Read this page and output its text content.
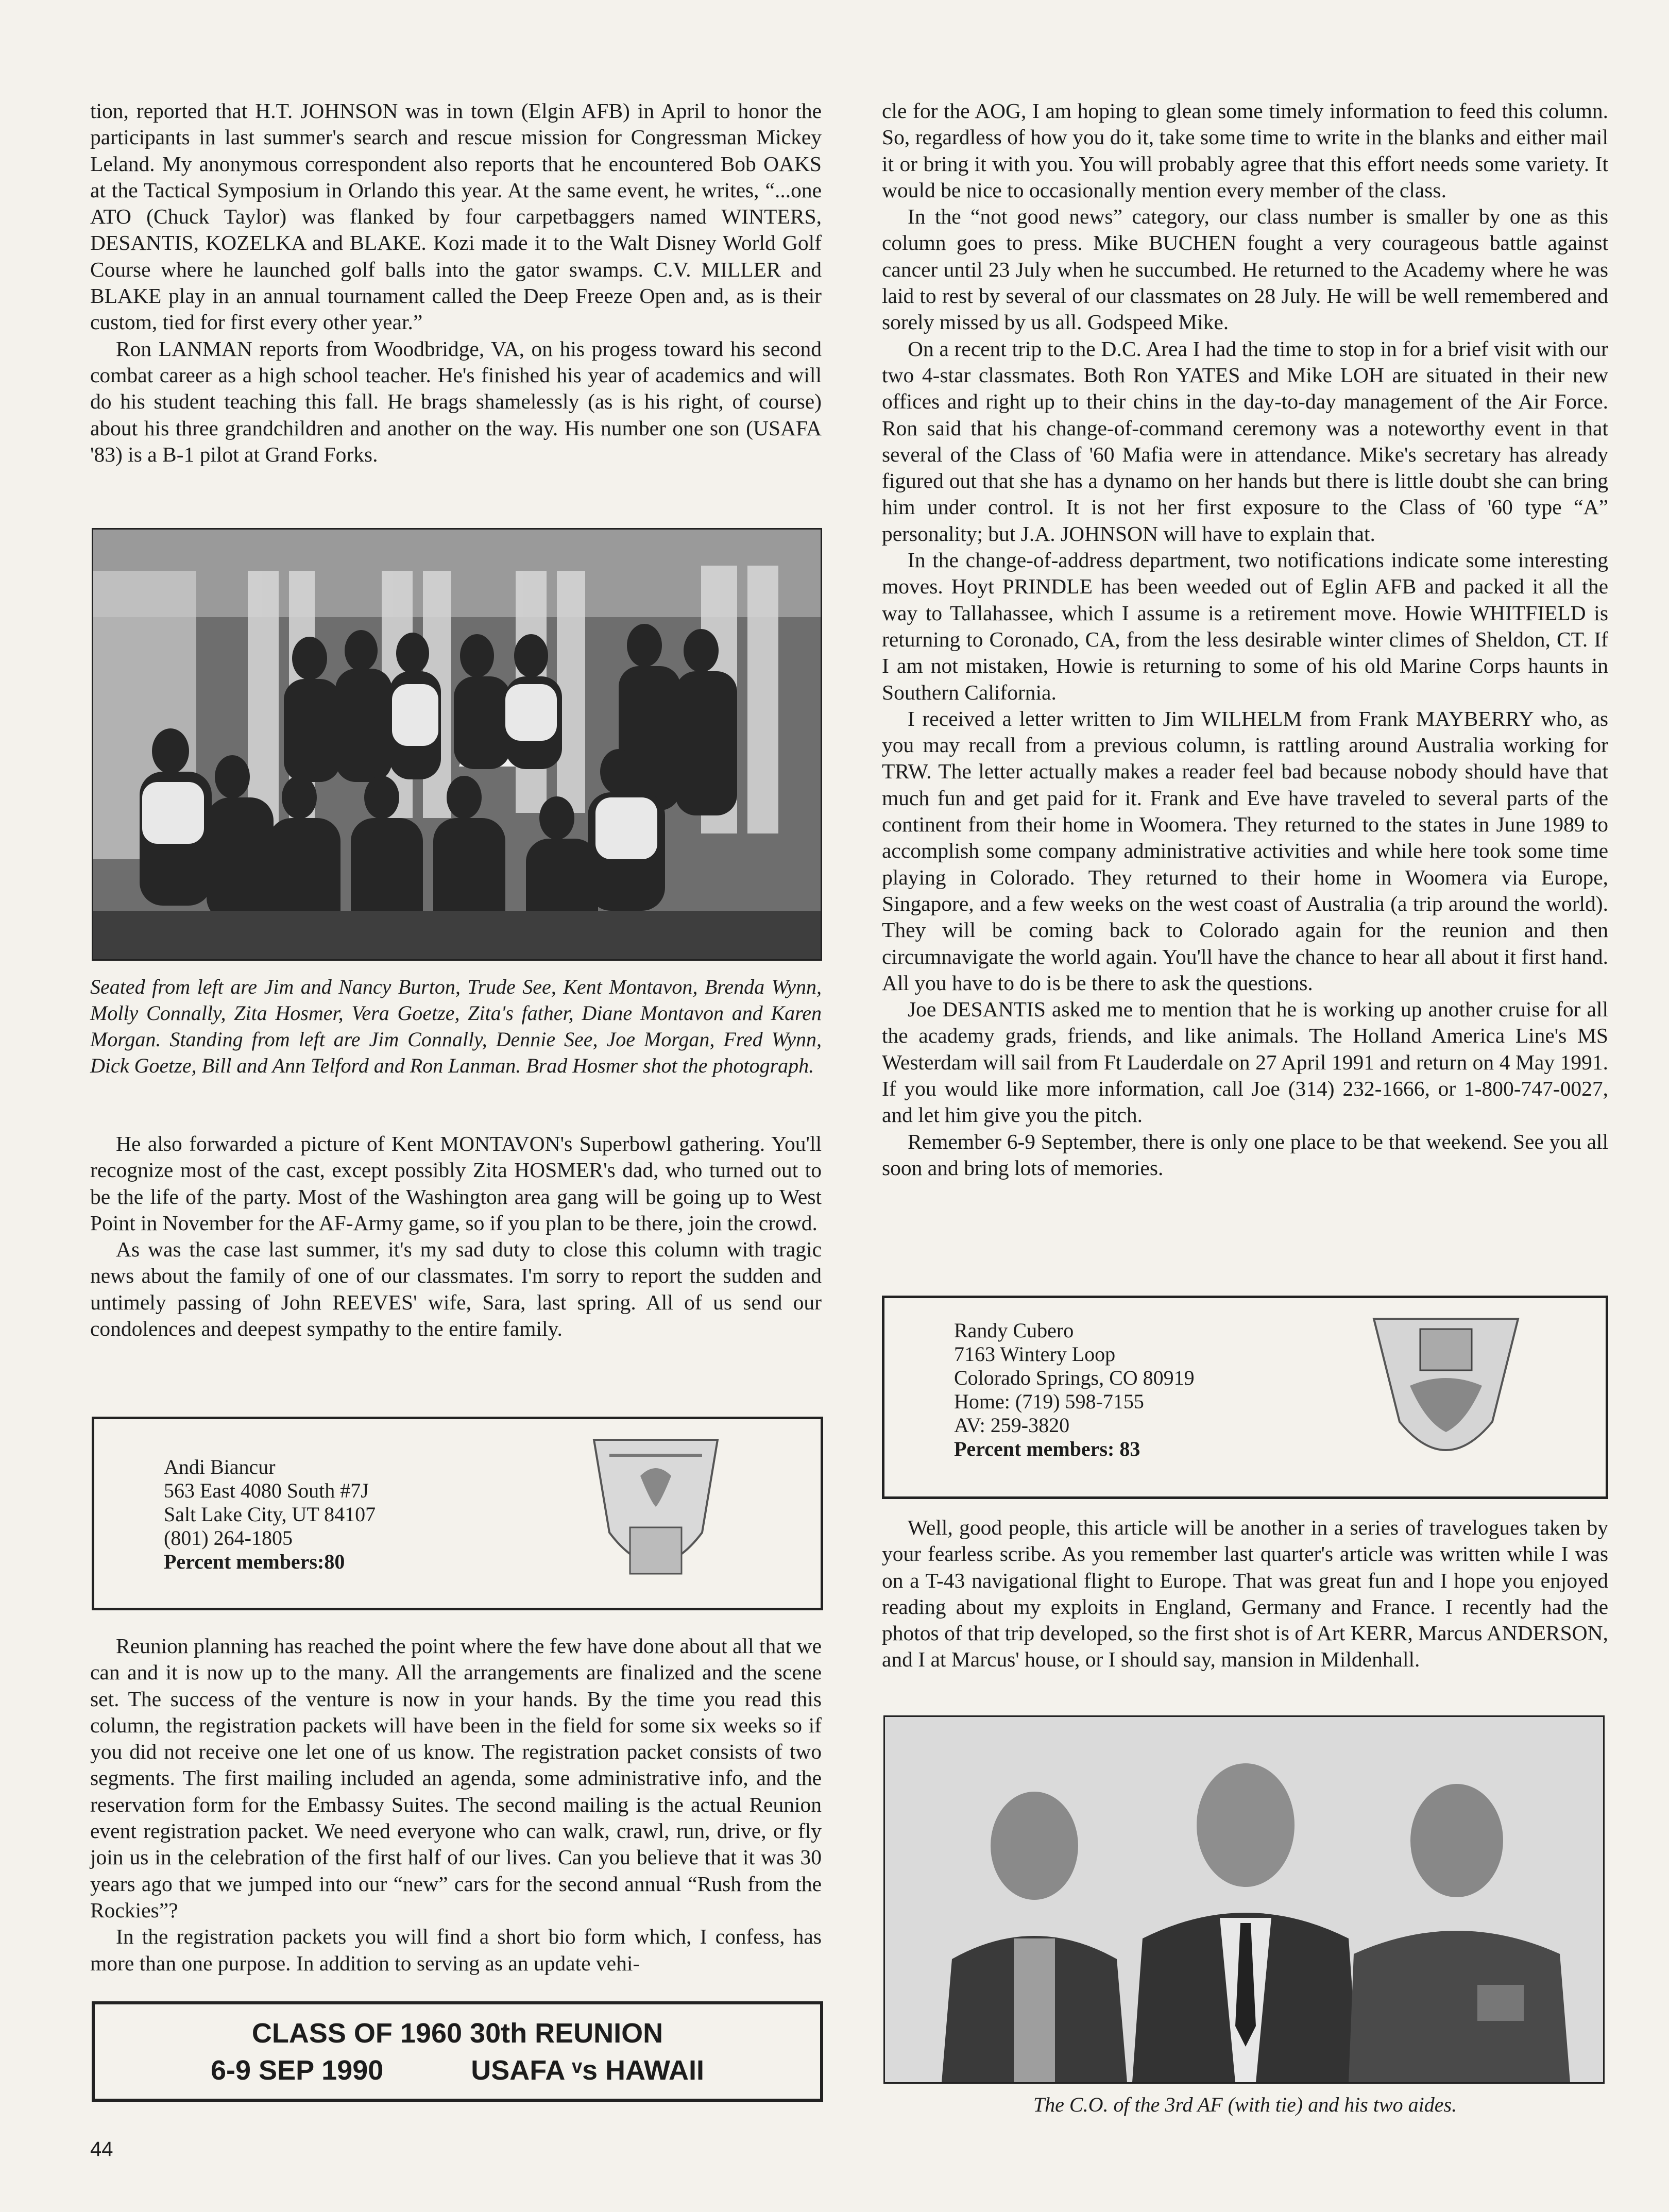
tion, reported that H.T. JOHNSON was in town (Elgin AFB) in April to honor the participants in last summer's search and rescue mission for Congressman Mickey Leland. My anonymous correspondent also reports that he encountered Bob OAKS at the Tactical Symposium in Orlando this year. At the same event, he writes, “...one ATO (Chuck Taylor) was flanked by four carpetbaggers named WINTERS, DESANTIS, KOZELKA and BLAKE. Kozi made it to the Walt Disney World Golf Course where he launched golf balls into the gator swamps. C.V. MILLER and BLAKE play in an annual tournament called the Deep Freeze Open and, as is their custom, tied for first every other year.”

Ron LANMAN reports from Woodbridge, VA, on his progess toward his second combat career as a high school teacher. He's finished his year of academics and will do his student teaching this fall. He brags shamelessly (as is his right, of course) about his three grandchildren and another on the way. His number one son (USAFA '83) is a B-1 pilot at Grand Forks.

Seated from left are Jim and Nancy Burton, Trude See, Kent Montavon, Brenda Wynn, Molly Connally, Zita Hosmer, Vera Goetze, Zita's father, Diane Montavon and Karen Morgan. Standing from left are Jim Connally, Dennie See, Joe Morgan, Fred Wynn, Dick Goetze, Bill and Ann Telford and Ron Lanman. Brad Hosmer shot the photograph.

He also forwarded a picture of Kent MONTAVON's Superbowl gathering. You'll recognize most of the cast, except possibly Zita HOSMER's dad, who turned out to be the life of the party. Most of the Washington area gang will be going up to West Point in November for the AF-Army game, so if you plan to be there, join the crowd.

As was the case last summer, it's my sad duty to close this column with tragic news about the family of one of our classmates. I'm sorry to report the sudden and untimely passing of John REEVES' wife, Sara, last spring. All of us send our condolences and deepest sympathy to the entire family.

Andi Biancur
563 East 4080 South #7J
Salt Lake City, UT 84107
(801) 264-1805
Percent members:80

Reunion planning has reached the point where the few have done about all that we can and it is now up to the many. All the arrangements are finalized and the scene set. The success of the venture is now in your hands. By the time you read this column, the registration packets will have been in the field for some six weeks so if you did not receive one let one of us know. The registration packet consists of two segments. The first mailing included an agenda, some administrative info, and the reservation form for the Embassy Suites. The second mailing is the actual Reunion event registration packet. We need everyone who can walk, crawl, run, drive, or fly join us in the celebration of the first half of our lives. Can you believe that it was 30 years ago that we jumped into our “new” cars for the second annual “Rush from the Rockies”?

In the registration packets you will find a short bio form which, I confess, has more than one purpose. In addition to serving as an update vehi-

CLASS OF 1960 30th REUNION
6-9 SEP 1990	USAFA ᵛs HAWAII
44

cle for the AOG, I am hoping to glean some timely information to feed this column. So, regardless of how you do it, take some time to write in the blanks and either mail it or bring it with you. You will probably agree that this effort needs some variety. It would be nice to occasionally mention every member of the class.

In the “not good news” category, our class number is smaller by one as this column goes to press. Mike BUCHEN fought a very courageous battle against cancer until 23 July when he succumbed. He returned to the Academy where he was laid to rest by several of our classmates on 28 July. He will be well remembered and sorely missed by us all. Godspeed Mike.

On a recent trip to the D.C. Area I had the time to stop in for a brief visit with our two 4-star classmates. Both Ron YATES and Mike LOH are situated in their new offices and right up to their chins in the day-to-day management of the Air Force. Ron said that his change-of-command ceremony was a noteworthy event in that several of the Class of '60 Mafia were in attendance. Mike's secretary has already figured out that she has a dynamo on her hands but there is little doubt she can bring him under control. It is not her first exposure to the Class of '60 type “A” personality; but J.A. JOHNSON will have to explain that.

In the change-of-address department, two notifications indicate some interesting moves. Hoyt PRINDLE has been weeded out of Eglin AFB and packed it all the way to Tallahassee, which I assume is a retirement move. Howie WHITFIELD is returning to Coronado, CA, from the less desirable winter climes of Sheldon, CT. If I am not mistaken, Howie is returning to some of his old Marine Corps haunts in Southern California.

I received a letter written to Jim WILHELM from Frank MAYBERRY who, as you may recall from a previous column, is rattling around Australia working for TRW. The letter actually makes a reader feel bad because nobody should have that much fun and get paid for it. Frank and Eve have traveled to several parts of the continent from their home in Woomera. They returned to the states in June 1989 to accomplish some company administrative activities and while here took some time playing in Colorado. They returned to their home in Woomera via Europe, Singapore, and a few weeks on the west coast of Australia (a trip around the world). They will be coming back to Colorado again for the reunion and then circumnavigate the world again. You'll have the chance to hear all about it first hand. All you have to do is be there to ask the questions.

Joe DESANTIS asked me to mention that he is working up another cruise for all the academy grads, friends, and like animals. The Holland America Line's MS Westerdam will sail from Ft Lauderdale on 27 April 1991 and return on 4 May 1991. If you would like more information, call Joe (314) 232-1666, or 1-800-747-0027, and let him give you the pitch.

Remember 6-9 September, there is only one place to be that weekend. See you all soon and bring lots of memories.

Randy Cubero
7163 Wintery Loop
Colorado Springs, CO 80919
Home: (719) 598-7155
AV: 259-3820
Percent members: 83

Well, good people, this article will be another in a series of travelogues taken by your fearless scribe. As you remember last quarter's article was written while I was on a T-43 navigational flight to Europe. That was great fun and I hope you enjoyed reading about my exploits in England, Germany and France. I recently had the photos of that trip developed, so the first shot is of Art KERR, Marcus ANDERSON, and I at Marcus' house, or I should say, mansion in Mildenhall.

The C.O. of the 3rd AF (with tie) and his two aides.
